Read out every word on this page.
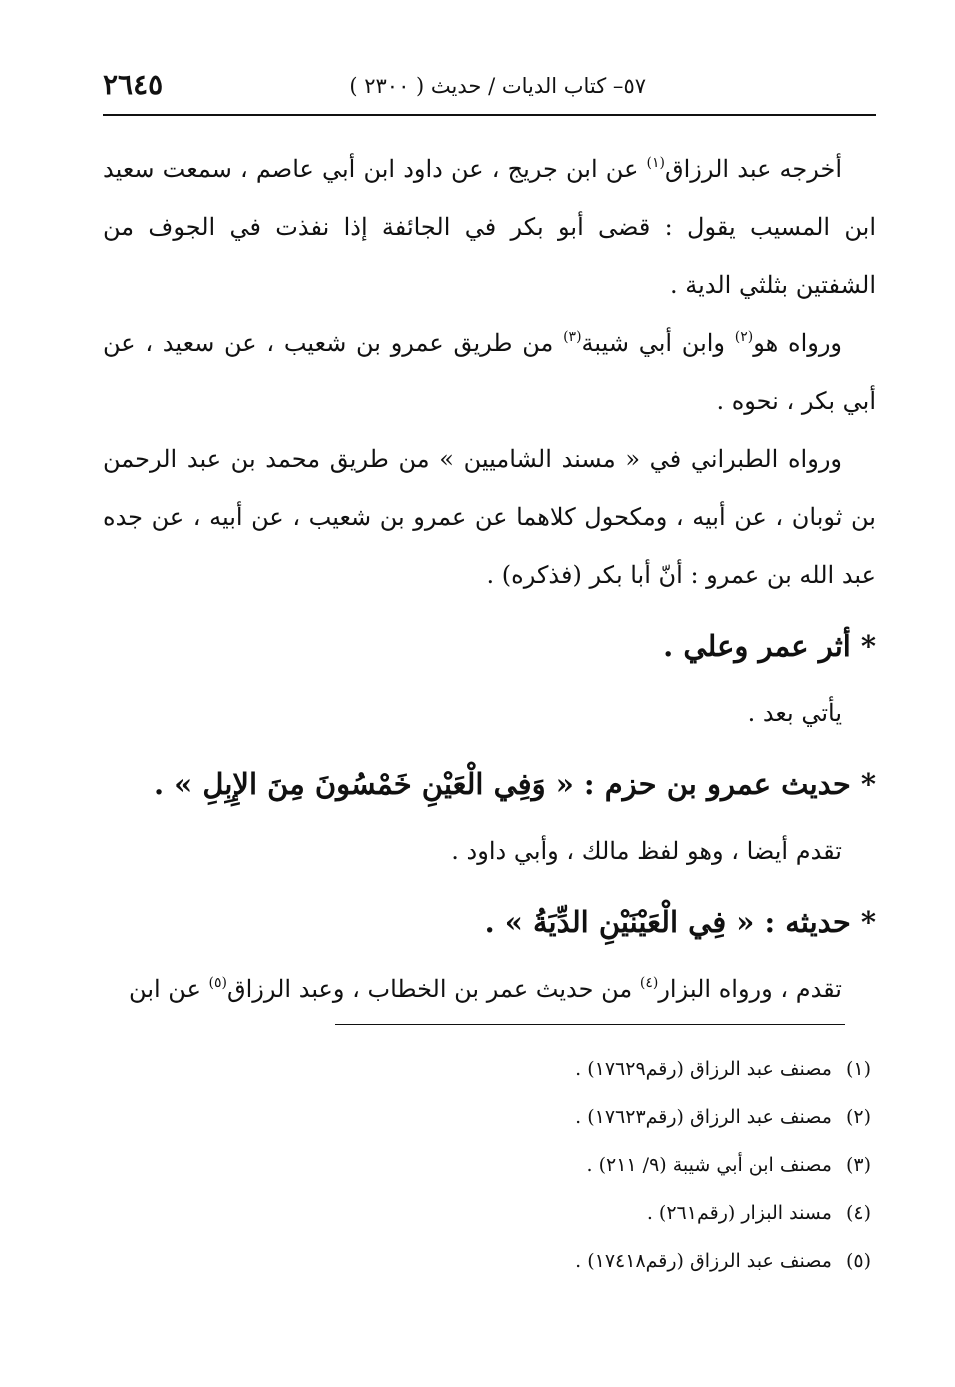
٥٧– كتاب الديات / حديث ( ٢٣٠٠ )
٢٦٤٥

أخرجه عبد الرزاق$^{(١)}$ عن ابن جريج ، عن داود ابن أبي عاصم ، سمعت سعيد ابن المسيب يقول : قضى أبو بكر في الجائفة إذا نفذت في الجوف من الشفتين بثلثي الدية .

ورواه هو$^{(٢)}$ وابن أبي شيبة$^{(٣)}$ من طريق عمرو بن شعيب ، عن سعيد ، عن أبي بكر ، نحوه .

ورواه الطبراني في « مسند الشاميين » من طريق محمد بن عبد الرحمن بن ثوبان ، عن أبيه ، ومكحول كلاهما عن عمرو بن شعيب ، عن أبيه ، عن جده عبد الله بن عمرو : أنّ أبا بكر (فذكره) .

*أثر عمر وعلي .

يأتي بعد .

*حديث عمرو بن حزم : « وَفِي الْعَيْنِ خَمْسُونَ مِنَ الإِبِلِ » .

تقدم أيضا ، وهو لفظ مالك ، وأبي داود .

*حديثه : « فِي الْعَيْنَيْنِ الدِّيَةُ » .

تقدم ، ورواه البزار$^{(٤)}$ من حديث عمر بن الخطاب ، وعبد الرزاق$^{(٥)}$ عن ابن

(١)مصنف عبد الرزاق (رقم١٧٦٢٩) .
(٢)مصنف عبد الرزاق (رقم١٧٦٢٣) .
(٣)مصنف ابن أبي شيبة (٩/ ٢١١) .
(٤)مسند البزار (رقم٢٦١) .
(٥)مصنف عبد الرزاق (رقم١٧٤١٨) .
